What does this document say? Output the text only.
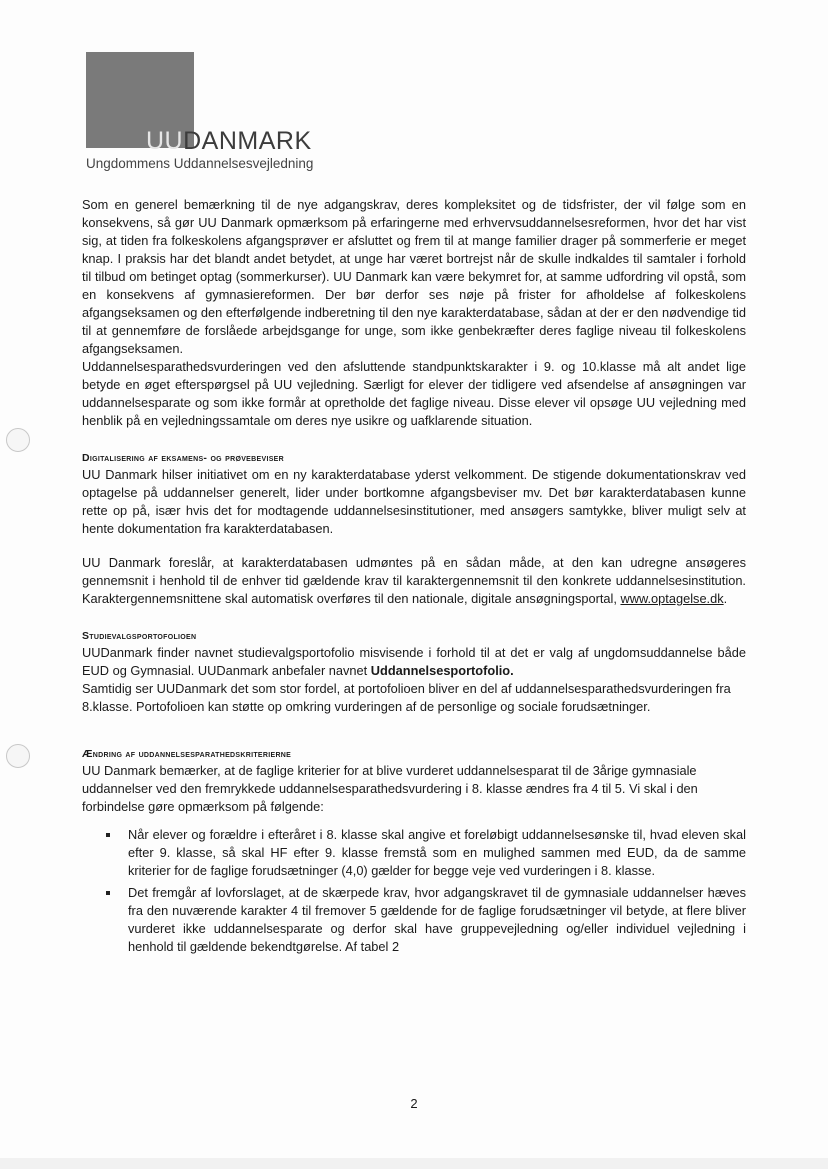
UUDANMARK
Ungdommens Uddannelsesvejledning

Som en generel bemærkning til de nye adgangskrav, deres kompleksitet og de tidsfrister, der vil følge som en konsekvens, så gør UU Danmark opmærksom på erfaringerne med erhvervsuddannelsesreformen, hvor det har vist sig, at tiden fra folkeskolens afgangsprøver er afsluttet og frem til at mange familier drager på sommerferie er meget knap. I praksis har det blandt andet betydet, at unge har været bortrejst når de skulle indkaldes til samtaler i forhold til tilbud om betinget optag (sommerkurser). UU Danmark kan være bekymret for, at samme udfordring vil opstå, som en konsekvens af gymnasiereformen. Der bør derfor ses nøje på frister for afholdelse af folkeskolens afgangseksamen og den efterfølgende indberetning til den nye karakterdatabase, sådan at der er den nødvendige tid til at gennemføre de forslåede arbejdsgange for unge, som ikke genbekræfter deres faglige niveau til folkeskolens afgangseksamen.

Uddannelsesparathedsvurderingen ved den afsluttende standpunktskarakter i 9. og 10.klasse må alt andet lige betyde en øget efterspørgsel på UU vejledning. Særligt for elever der tidligere ved afsendelse af ansøgningen var uddannelsesparate og som ikke formår at opretholde det faglige niveau. Disse elever vil opsøge UU vejledning med henblik på en vejledningssamtale om deres nye usikre og uafklarende situation.

Digitalisering af eksamens- og prøvebeviser

UU Danmark hilser initiativet om en ny karakterdatabase yderst velkomment. De stigende dokumentationskrav ved optagelse på uddannelser generelt, lider under bortkomne afgangsbeviser mv. Det bør karakterdatabasen kunne rette op på, især hvis det for modtagende uddannelsesinstitutioner, med ansøgers samtykke, bliver muligt selv at hente dokumentation fra karakterdatabasen.

UU Danmark foreslår, at karakterdatabasen udmøntes på en sådan måde, at den kan udregne ansøgeres gennemsnit i henhold til de enhver tid gældende krav til karaktergennemsnit til den konkrete uddannelsesinstitution. Karaktergennemsnittene skal automatisk overføres til den nationale, digitale ansøgningsportal, www.optagelse.dk.

Studievalgsportofolioen

UUDanmark finder navnet studievalgsportofolio misvisende i forhold til at det er valg af ungdomsuddannelse både EUD og Gymnasial. UUDanmark anbefaler navnet Uddannelsesportofolio.

Samtidig ser UUDanmark det som stor fordel, at portofolioen bliver en del af uddannelsesparathedsvurderingen fra 8.klasse. Portofolioen kan støtte op omkring vurderingen af de personlige og sociale forudsætninger.

Ændring af uddannelsesparathedskriterierne

UU Danmark bemærker, at de faglige kriterier for at blive vurderet uddannelsesparat til de 3årige gymnasiale uddannelser ved den fremrykkede uddannelsesparathedsvurdering i 8. klasse ændres fra 4 til 5. Vi skal i den forbindelse gøre opmærksom på følgende:

Når elever og forældre i efteråret i 8. klasse skal angive et foreløbigt uddannelsesønske til, hvad eleven skal efter 9. klasse, så skal HF efter 9. klasse fremstå som en mulighed sammen med EUD, da de samme kriterier for de faglige forudsætninger (4,0) gælder for begge veje ved vurderingen i 8. klasse.
Det fremgår af lovforslaget, at de skærpede krav, hvor adgangskravet til de gymnasiale uddannelser hæves fra den nuværende karakter 4 til fremover 5 gældende for de faglige forudsætninger vil betyde, at flere bliver vurderet ikke uddannelsesparate og derfor skal have gruppevejledning og/eller individuel vejledning i henhold til gældende bekendtgørelse. Af tabel 2
2
